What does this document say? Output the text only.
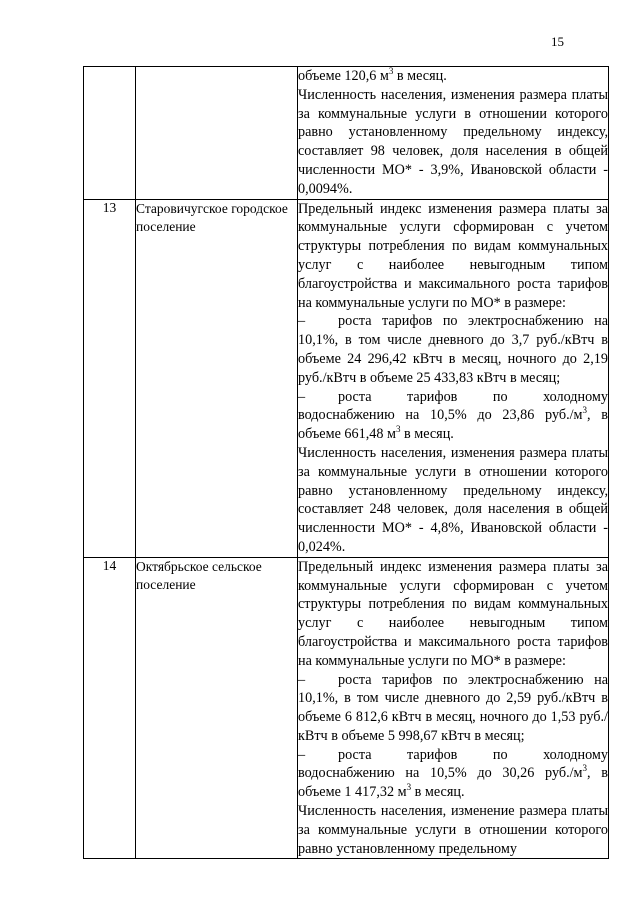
15

		объеме 120,6 $м^3$ в месяц.

Численность населения, изменения размера платы за коммунальные услуги в отношении которого равно установленному предельному индексу, составляет 98 человек, доля населения в общей численности МО* - 3,9%, Ивановской области - 0,0094%.

13	Старовичугское городское поселение	Предельный индекс изменения размера платы за коммунальные услуги сформирован с учетом структуры потребления по видам коммунальных услуг с наиболее невыгодным типом благоустройства и максимального роста тарифов на коммунальные услуги по МО* в размере:

– роста тарифов по электроснабжению на 10,1%, в том числе дневного до 3,7 руб./кВтч в объеме 24 296,42 кВтч в месяц, ночного до 2,19 руб./кВтч в объеме 25 433,83 кВтч в месяц;

– роста тарифов по холодному водоснабжению на 10,5% до 23,86 $руб./м^3$, в объеме 661,48 $м^3$ в месяц.

Численность населения, изменения размера платы за коммунальные услуги в отношении которого равно установленному предельному индексу, составляет 248 человек, доля населения в общей численности МО* - 4,8%, Ивановской области - 0,024%.

14	Октябрьское сельское поселение	Предельный индекс изменения размера платы за коммунальные услуги сформирован с учетом структуры потребления по видам коммунальных услуг с наиболее невыгодным типом благоустройства и максимального роста тарифов на коммунальные услуги по МО* в размере:

– роста тарифов по электроснабжению на 10,1%, в том числе дневного до 2,59 руб./кВтч в объеме 6 812,6 кВтч в месяц, ночного до 1,53 руб./кВтч в объеме 5 998,67 кВтч в месяц;

– роста тарифов по холодному водоснабжению на 10,5% до 30,26 $руб./м^3$, в объеме 1 417,32 $м^3$ в месяц.

Численность населения, изменение размера платы за коммунальные услуги в отношении которого равно установленному предельному
